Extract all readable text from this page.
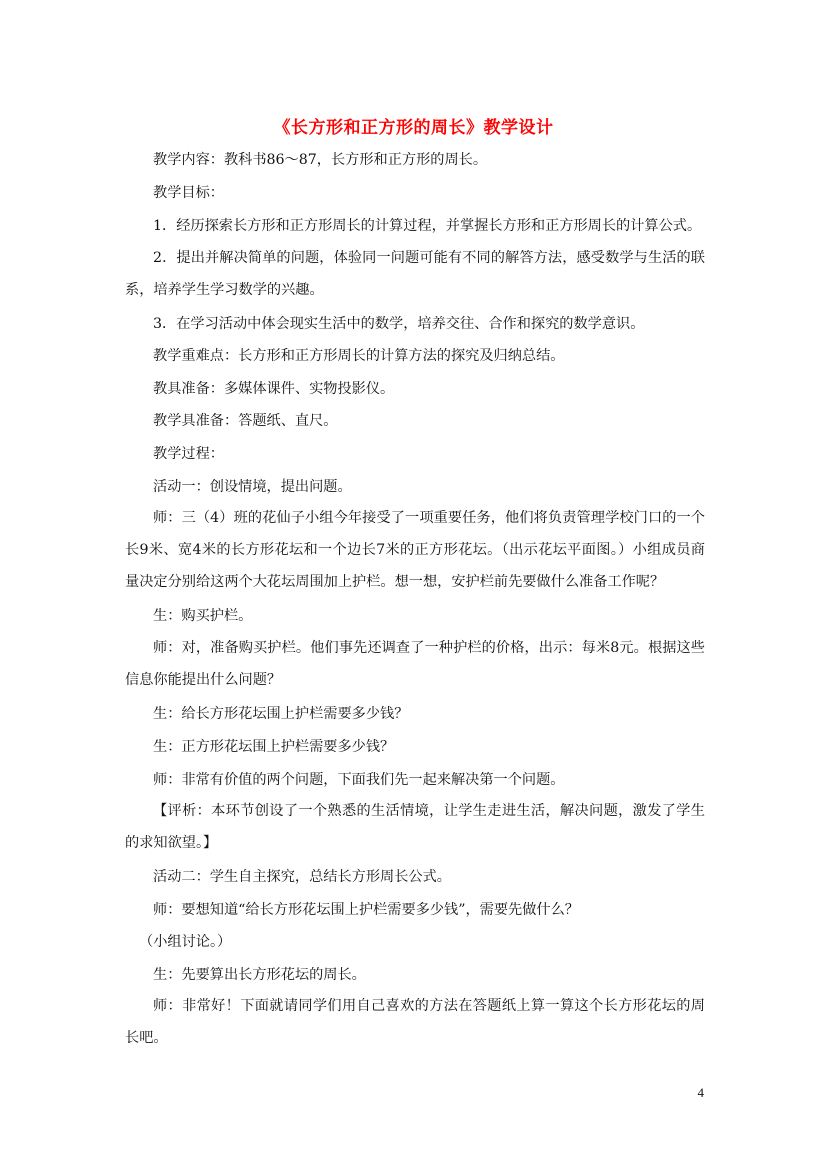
《长方形和正方形的周长》教学设计
教学内容：教科书86～87，长方形和正方形的周长。
教学目标：
1．经历探索长方形和正方形周长的计算过程，并掌握长方形和正方形周长的计算公式。
2．提出并解决简单的问题，体验同一问题可能有不同的解答方法，感受数学与生活的联系，培养学生学习数学的兴趣。
3．在学习活动中体会现实生活中的数学，培养交往、合作和探究的数学意识。
教学重难点：长方形和正方形周长的计算方法的探究及归纳总结。
教具准备：多媒体课件、实物投影仪。
教学具准备：答题纸、直尺。
教学过程：
活动一：创设情境，提出问题。
师：三（4）班的花仙子小组今年接受了一项重要任务，他们将负责管理学校门口的一个长9米、宽4米的长方形花坛和一个边长7米的正方形花坛。（出示花坛平面图。）小组成员商量决定分别给这两个大花坛周围加上护栏。想一想，安护栏前先要做什么准备工作呢？
生：购买护栏。
师：对，准备购买护栏。他们事先还调查了一种护栏的价格，出示：每米8元。根据这些信息你能提出什么问题？
生：给长方形花坛围上护栏需要多少钱？
生：正方形花坛围上护栏需要多少钱？
师：非常有价值的两个问题，下面我们先一起来解决第一个问题。
【评析：本环节创设了一个熟悉的生活情境，让学生走进生活，解决问题，激发了学生的求知欲望。】
活动二：学生自主探究，总结长方形周长公式。
师：要想知道“给长方形花坛围上护栏需要多少钱”，需要先做什么？
（小组讨论。）
生：先要算出长方形花坛的周长。
师：非常好！下面就请同学们用自己喜欢的方法在答题纸上算一算这个长方形花坛的周长吧。
4
